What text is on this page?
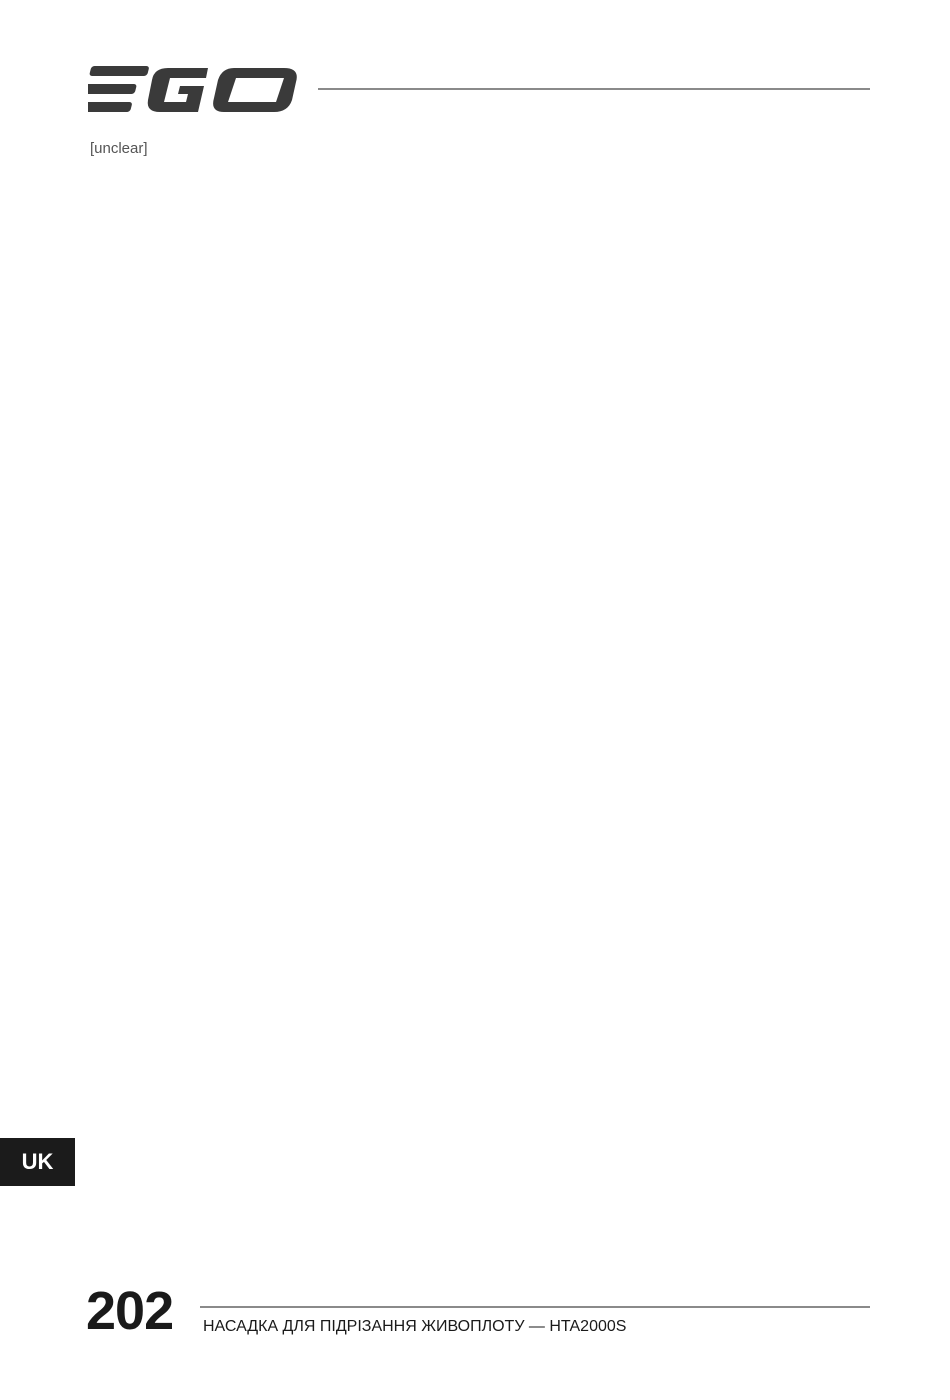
[unclear]
UK
202 НАСАДКА ДЛЯ ПІДРІЗАННЯ ЖИВОПЛОТУ — HTA2000S
